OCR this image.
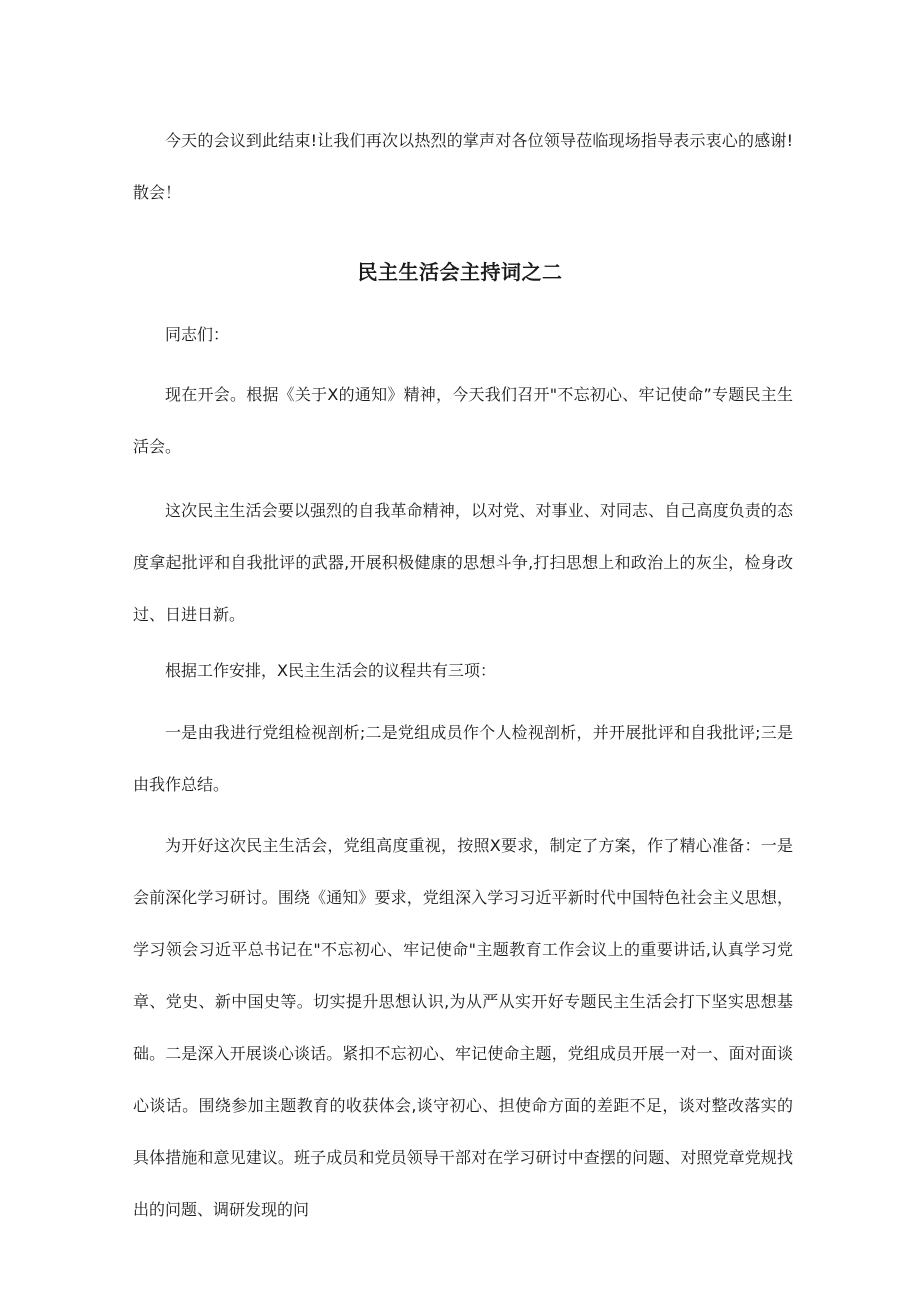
今天的会议到此结束!让我们再次以热烈的掌声对各位领导莅临现场指导表示衷心的感谢!散会！

民主生活会主持词之二

同志们：

现在开会。根据《关于X的通知》精神，今天我们召开"不忘初心、牢记使命”专题民主生活会。

这次民主生活会要以强烈的自我革命精神，以对党、对事业、对同志、自己高度负责的态度拿起批评和自我批评的武器,开展积极健康的思想斗争,打扫思想上和政治上的灰尘，检身改过、日进日新。

根据工作安排，X民主生活会的议程共有三项：

一是由我进行党组检视剖析;二是党组成员作个人检视剖析，并开展批评和自我批评;三是由我作总结。

为开好这次民主生活会，党组高度重视，按照X要求，制定了方案，作了精心准备：一是会前深化学习研讨。围绕《通知》要求，党组深入学习习近平新时代中国特色社会主义思想，学习领会习近平总书记在"不忘初心、牢记使命"主题教育工作会议上的重要讲话,认真学习党章、党史、新中国史等。切实提升思想认识,为从严从实开好专题民主生活会打下坚实思想基础。二是深入开展谈心谈话。紧扣不忘初心、牢记使命主题，党组成员开展一对一、面对面谈心谈话。围绕参加主题教育的收获体会,谈守初心、担使命方面的差距不足，谈对整改落实的具体措施和意见建议。班子成员和党员领导干部对在学习研讨中查摆的问题、对照党章党规找出的问题、调研发现的问
